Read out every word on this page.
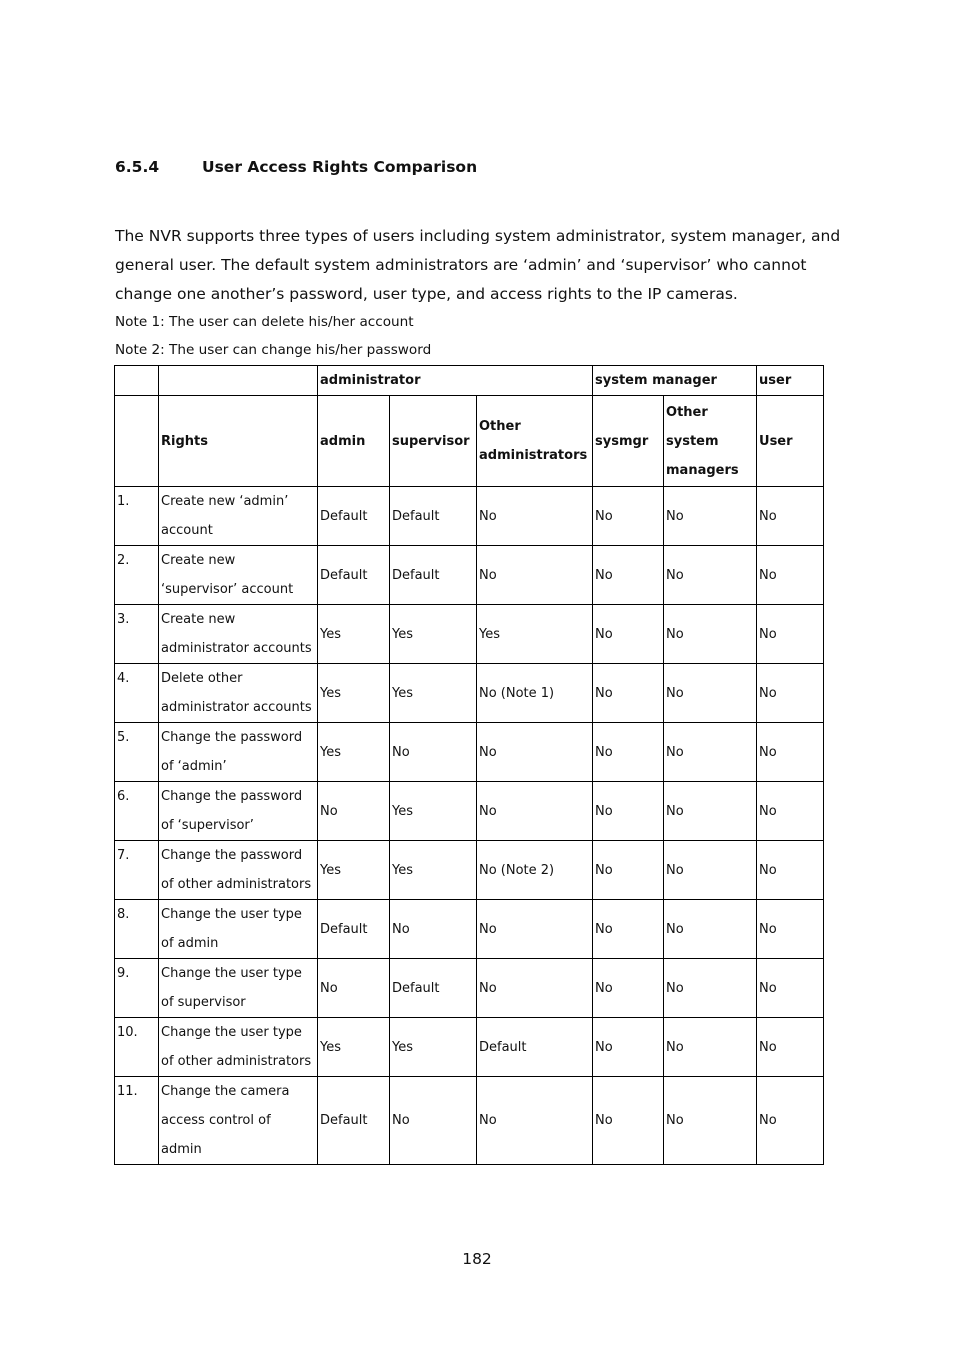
6.5.4	User Access Rights Comparison

The NVR supports three types of users including system administrator, system manager, and general user. The default system administrators are ‘admin’ and ‘supervisor’ who cannot change one another’s password, user type, and access rights to the IP cameras.

Note 1: The user can delete his/her account
Note 2: The user can change his/her password
		administrator			system manager		user
	Rights	admin	supervisor	Other administrators	sysmgr	Other system managers	User
1.	Create new ‘admin’ account	Default	Default	No	No	No	No
2.	Create new ‘supervisor’ account	Default	Default	No	No	No	No
3.	Create new administrator accounts	Yes	Yes	Yes	No	No	No
4.	Delete other administrator accounts	Yes	Yes	No (Note 1)	No	No	No
5.	Change the password of ‘admin’	Yes	No	No	No	No	No
6.	Change the password of ‘supervisor’	No	Yes	No	No	No	No
7.	Change the password of other administrators	Yes	Yes	No (Note 2)	No	No	No
8.	Change the user type of admin	Default	No	No	No	No	No
9.	Change the user type of supervisor	No	Default	No	No	No	No
10.	Change the user type of other administrators	Yes	Yes	Default	No	No	No
11.	Change the camera access control of admin	Default	No	No	No	No	No
182
